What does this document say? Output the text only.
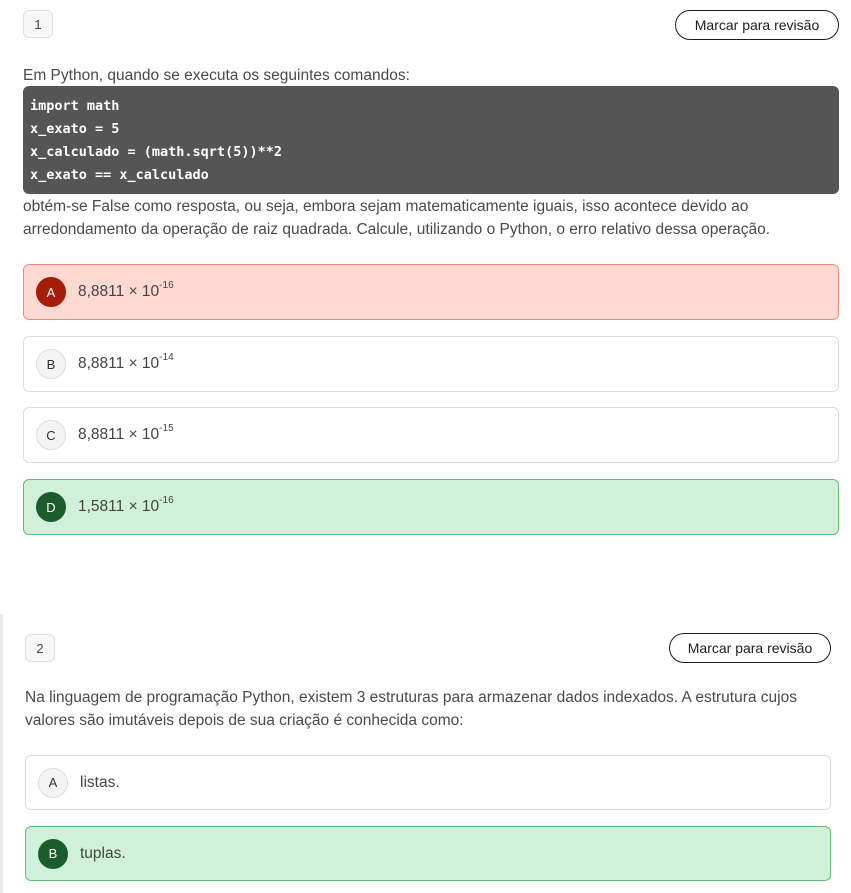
1	Marcar para revisão

Em Python, quando se executa os seguintes comandos:

import math
x_exato = 5
x_calculado = (math.sqrt(5))**2
x_exato == x_calculado

obtém-se False como resposta, ou seja, embora sejam matematicamente iguais, isso acontece devido ao arredondamento da operação de raiz quadrada. Calcule, utilizando o Python, o erro relativo dessa operação.

A	$8,8811 \times 10^{-16}$
B	$8,8811 \times 10^{-14}$
C	$8,8811 \times 10^{-15}$
D	$1,5811 \times 10^{-16}$
2	Marcar para revisão

Na linguagem de programação Python, existem 3 estruturas para armazenar dados indexados. A estrutura cujos valores são imutáveis depois de sua criação é conhecida como:

A	listas.
B	tuplas.
